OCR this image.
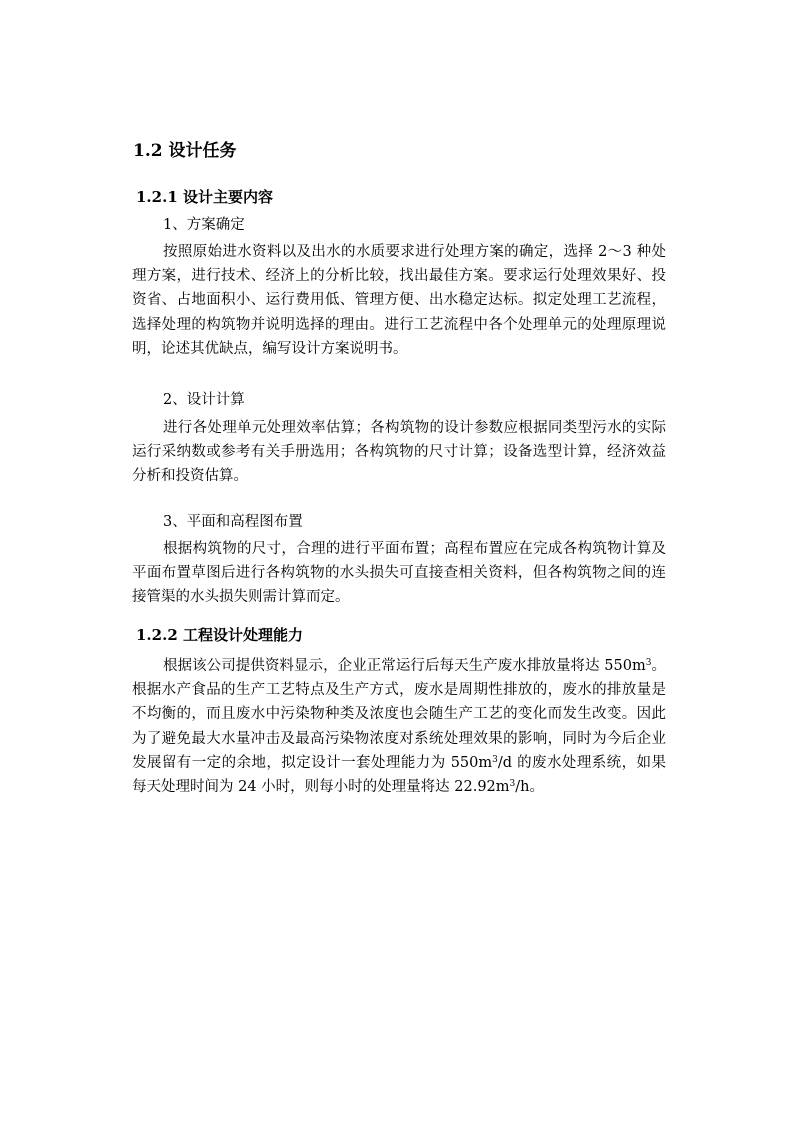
1.2 设计任务
1.2.1 设计主要内容
1、方案确定

按照原始进水资料以及出水的水质要求进行处理方案的确定，选择 2～3 种处理方案，进行技术、经济上的分析比较，找出最佳方案。要求运行处理效果好、投资省、占地面积小、运行费用低、管理方便、出水稳定达标。拟定处理工艺流程，选择处理的构筑物并说明选择的理由。进行工艺流程中各个处理单元的处理原理说明，论述其优缺点，编写设计方案说明书。

2、设计计算

进行各处理单元处理效率估算；各构筑物的设计参数应根据同类型污水的实际运行采纳数或参考有关手册选用；各构筑物的尺寸计算；设备选型计算，经济效益分析和投资估算。

3、平面和高程图布置

根据构筑物的尺寸，合理的进行平面布置；高程布置应在完成各构筑物计算及平面布置草图后进行各构筑物的水头损失可直接查相关资料，但各构筑物之间的连接管渠的水头损失则需计算而定。

1.2.2 工程设计处理能力

根据该公司提供资料显示，企业正常运行后每天生产废水排放量将达 $550m^3$。根据水产食品的生产工艺特点及生产方式，废水是周期性排放的，废水的排放量是不均衡的，而且废水中污染物种类及浓度也会随生产工艺的变化而发生改变。因此为了避免最大水量冲击及最高污染物浓度对系统处理效果的影响，同时为今后企业发展留有一定的余地，拟定设计一套处理能力为 $550m^3/d$ 的废水处理系统，如果每天处理时间为 24 小时，则每小时的处理量将达 $22.92m^3/h$。
